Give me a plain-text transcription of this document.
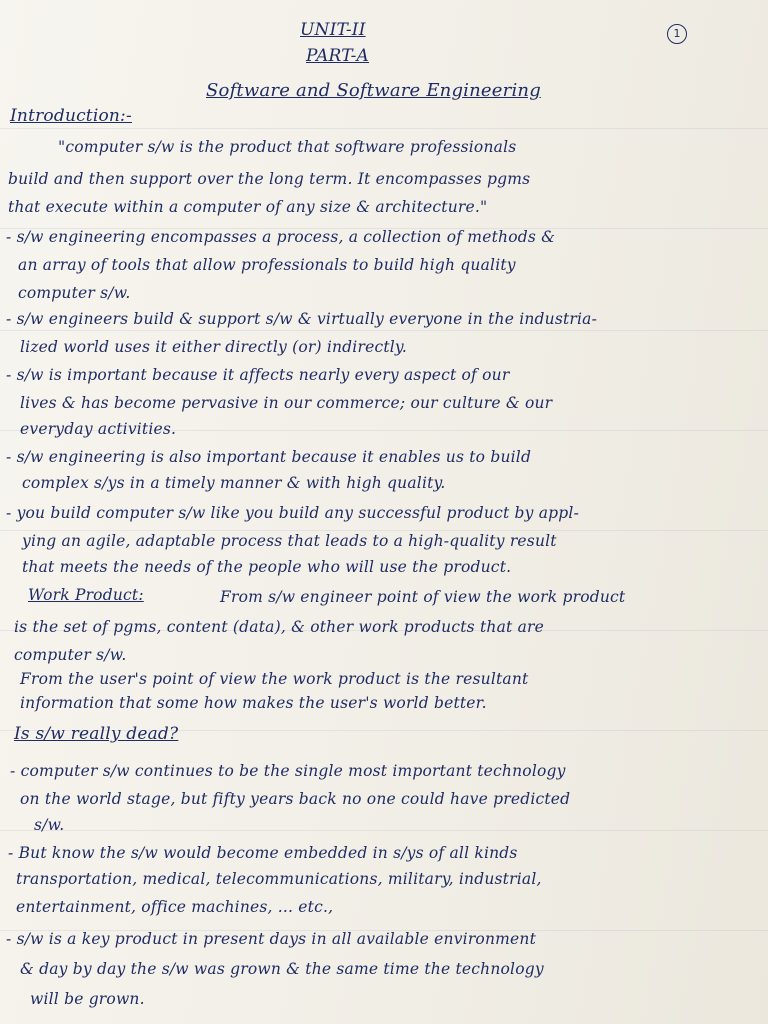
1
UNIT-II
PART-A
Software and Software Engineering
Introduction:-
"computer s/w is the product that software professionals
build and then support over the long term. It encompasses pgms
that execute within a computer of any size & architecture."
- s/w engineering encompasses a process, a collection of methods &
an array of tools that allow professionals to build high quality
computer s/w.
- s/w engineers build & support s/w & virtually everyone in the industria-
lized world uses it either directly (or) indirectly.
- s/w is important because it affects nearly every aspect of our
lives & has become pervasive in our commerce; our culture & our
everyday activities.
- s/w engineering is also important because it enables us to build
complex s/ys in a timely manner & with high quality.
- you build computer s/w like you build any successful product by appl-
ying an agile, adaptable process that leads to a high-quality result
that meets the needs of the people who will use the product.
Work Product:	From s/w engineer point of view the work product
is the set of pgms, content (data), & other work products that are
computer s/w.
From the user's point of view the work product is the resultant
information that some how makes the user's world better.
Is s/w really dead?
- computer s/w continues to be the single most important technology
on the world stage, but fifty years back no one could have predicted
s/w.
- But know the s/w would become embedded in s/ys of all kinds
transportation, medical, telecommunications, military, industrial,
entertainment, office machines, ... etc.,
- s/w is a key product in present days in all available environment
& day by day the s/w was grown & the same time the technology
will be grown.
